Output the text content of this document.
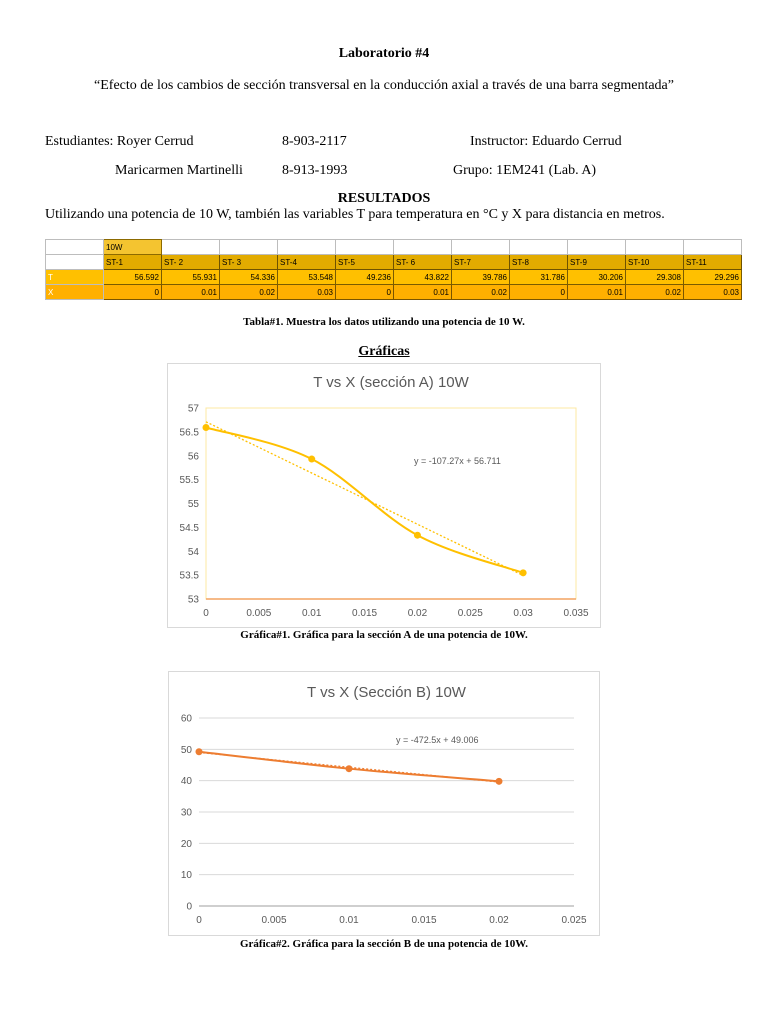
Laboratorio #4
“Efecto de los cambios de sección transversal en la conducción axial a través de una barra segmentada”
Estudiantes: Royer Cerrud	8-903-2117	Instructor: Eduardo Cerrud
Maricarmen Martinelli	8-913-1993	Grupo: 1EM241 (Lab. A)
RESULTADOS
Utilizando una potencia de 10 W, también las variables T para temperatura en °C y X para distancia en metros.
	10W										
	ST-1	ST- 2	ST- 3	ST-4	ST-5	ST- 6	ST-7	ST-8	ST-9	ST-10	ST-11
T	56.592	55.931	54.336	53.548	49.236	43.822	39.786	31.786	30.206	29.308	29.296
X	0	0.01	0.02	0.03	0	0.01	0.02	0	0.01	0.02	0.03
Tabla#1. Muestra los datos utilizando una potencia de 10 W.
Gráficas
T vs X (sección A) 10W
53
53.5
54
54.5
55
55.5
56
56.5
57
0	0.005	0.01	0.015	0.02	0.025	0.03	0.035
y = -107.27x + 56.711
Gráfica#1. Gráfica para la sección A de una potencia de 10W.
T vs X (Sección B) 10W
0
10
20
30
40
50
60
0	0.005	0.01	0.015	0.02	0.025
y = -472.5x + 49.006
Gráfica#2. Gráfica para la sección B de una potencia de 10W.
